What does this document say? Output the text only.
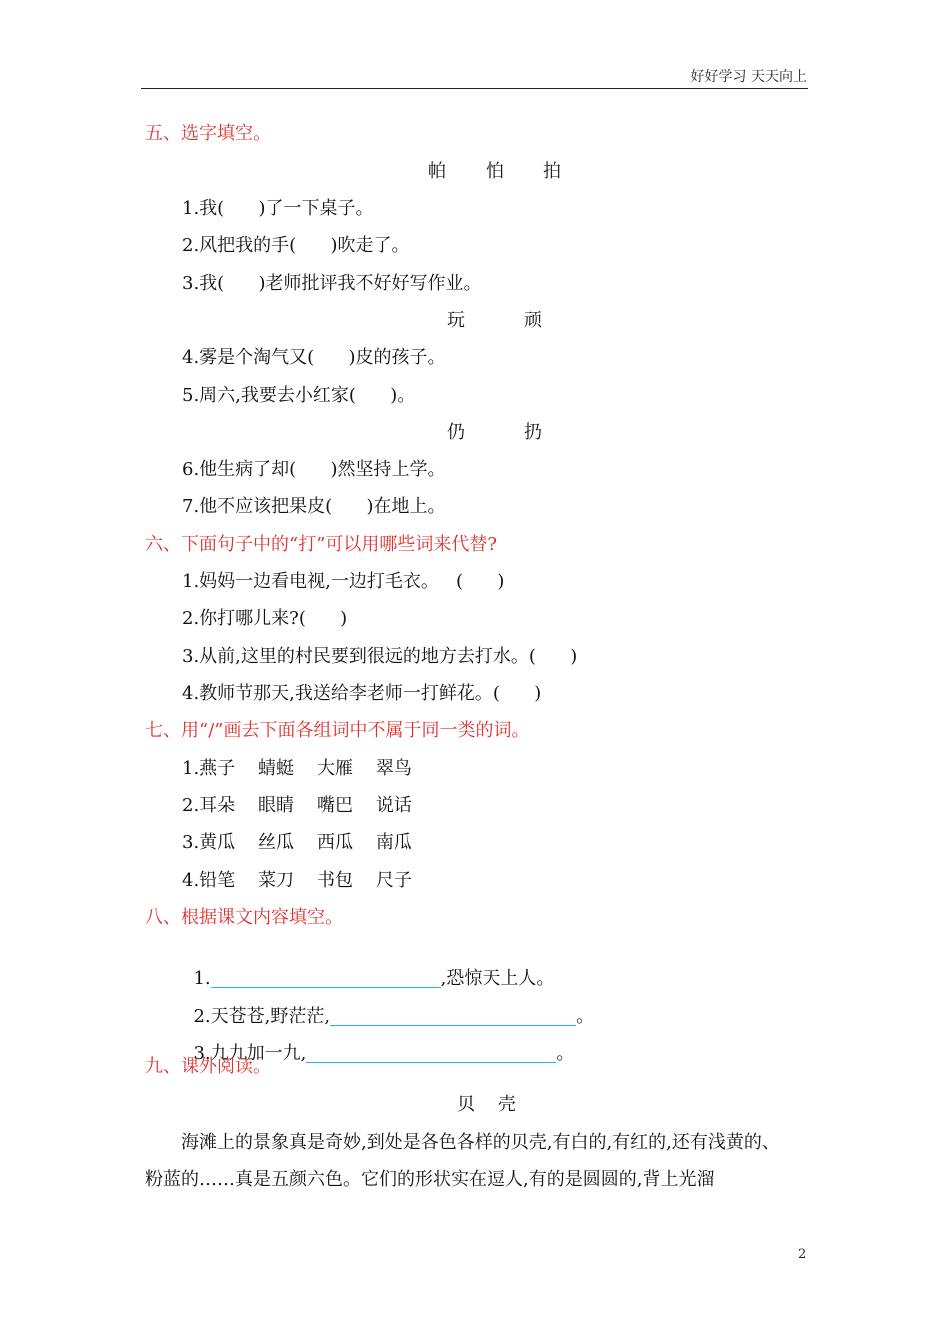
好好学习 天天向上
五、选字填空。
帕 怕 拍
1.我(      )了一下桌子。
2.风把我的手(      )吹走了。
3.我(      )老师批评我不好好写作业。
玩	顽
4.雾是个淘气又(      )皮的孩子。
5.周六,我要去小红家(      )。
仍	扔
6.他生病了却(      )然坚持上学。
7.他不应该把果皮(      )在地上。
六、下面句子中的“打”可以用哪些词来代替?
1.妈妈一边看电视,一边打毛衣。   (      )
2.你打哪儿来?(      )
3.从前,这里的村民要到很远的地方去打水。(      )
4.教师节那天,我送给李老师一打鲜花。(      )
七、用“/”画去下面各组词中不属于同一类的词。
1.燕子    蜻蜓    大雁    翠鸟
2.耳朵    眼睛    嘴巴    说话
3.黄瓜    丝瓜    西瓜    南瓜
4.铅笔    菜刀    书包    尺子
八、根据课文内容填空。

1.	,恐惊天上人。

2.天苍苍,野茫茫,	。

3.九九加一九,	。

九、课外阅读。
贝    壳
海滩上的景象真是奇妙,到处是各色各样的贝壳,有白的,有红的,还有浅黄的、粉蓝的……真是五颜六色。它们的形状实在逗人,有的是圆圆的,背上光溜
2
